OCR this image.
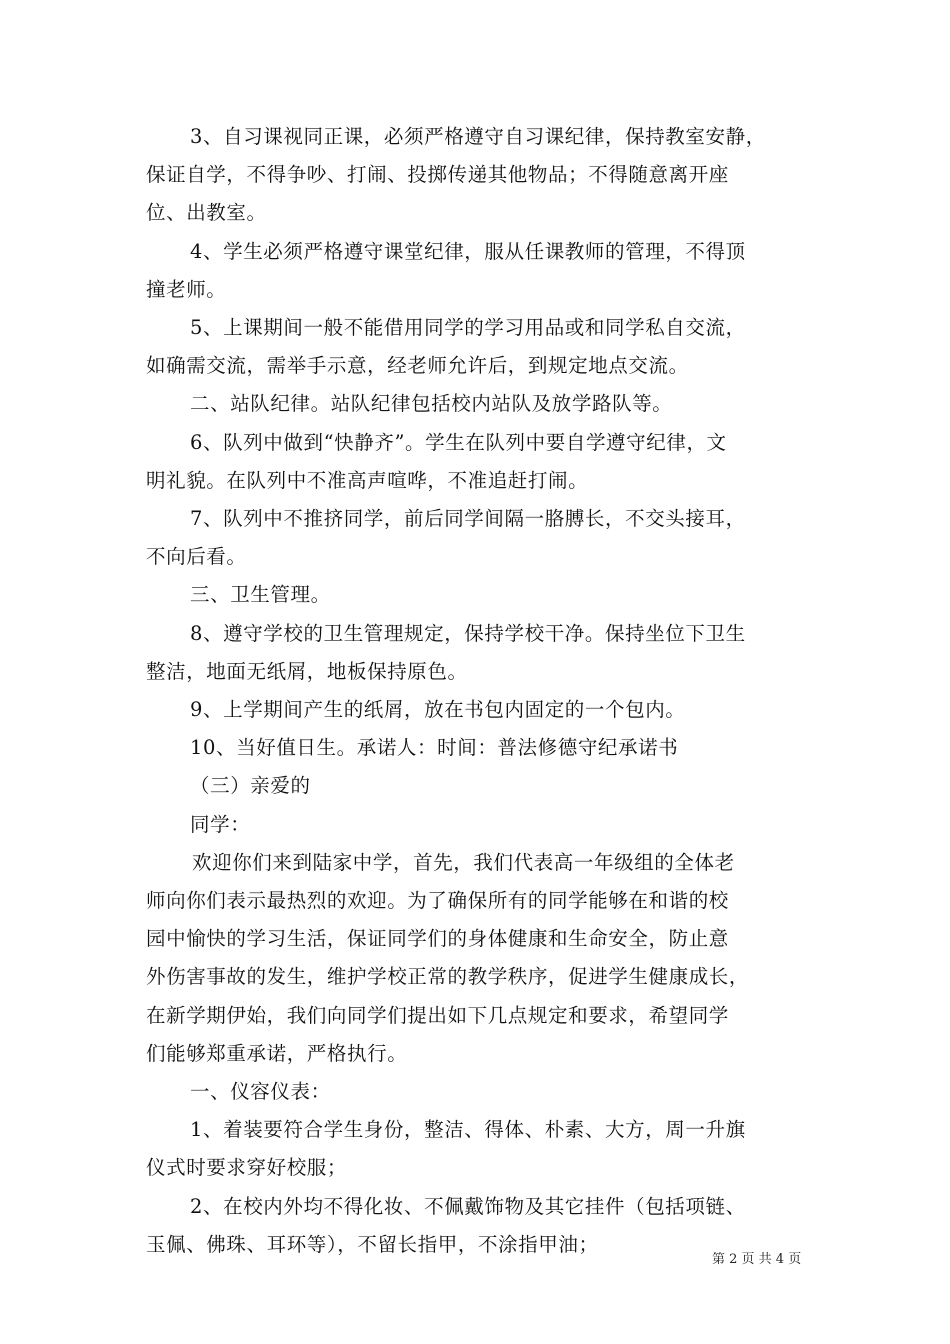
3、自习课视同正课，必须严格遵守自习课纪律，保持教室安静，

保证自学，不得争吵、打闹、投掷传递其他物品；不得随意离开座

位、出教室。

4、学生必须严格遵守课堂纪律，服从任课教师的管理，不得顶

撞老师。

5、上课期间一般不能借用同学的学习用品或和同学私自交流，

如确需交流，需举手示意，经老师允许后，到规定地点交流。

二、站队纪律。站队纪律包括校内站队及放学路队等。

6、队列中做到“快静齐”。学生在队列中要自学遵守纪律，文

明礼貌。在队列中不准高声喧哗，不准追赶打闹。

7、队列中不推挤同学，前后同学间隔一胳膊长，不交头接耳，

不向后看。

三、卫生管理。

8、遵守学校的卫生管理规定，保持学校干净。保持坐位下卫生

整洁，地面无纸屑，地板保持原色。

9、上学期间产生的纸屑，放在书包内固定的一个包内。

10、当好值日生。承诺人：时间：普法修德守纪承诺书

（三）亲爱的

同学：

欢迎你们来到陆家中学，首先，我们代表高一年级组的全体老

师向你们表示最热烈的欢迎。为了确保所有的同学能够在和谐的校

园中愉快的学习生活，保证同学们的身体健康和生命安全，防止意

外伤害事故的发生，维护学校正常的教学秩序，促进学生健康成长，

在新学期伊始，我们向同学们提出如下几点规定和要求，希望同学

们能够郑重承诺，严格执行。

一、仪容仪表：

1、着装要符合学生身份，整洁、得体、朴素、大方，周一升旗

仪式时要求穿好校服；

2、在校内外均不得化妆、不佩戴饰物及其它挂件（包括项链、

玉佩、佛珠、耳环等），不留长指甲，不涂指甲油；

第 2 页 共 4 页
